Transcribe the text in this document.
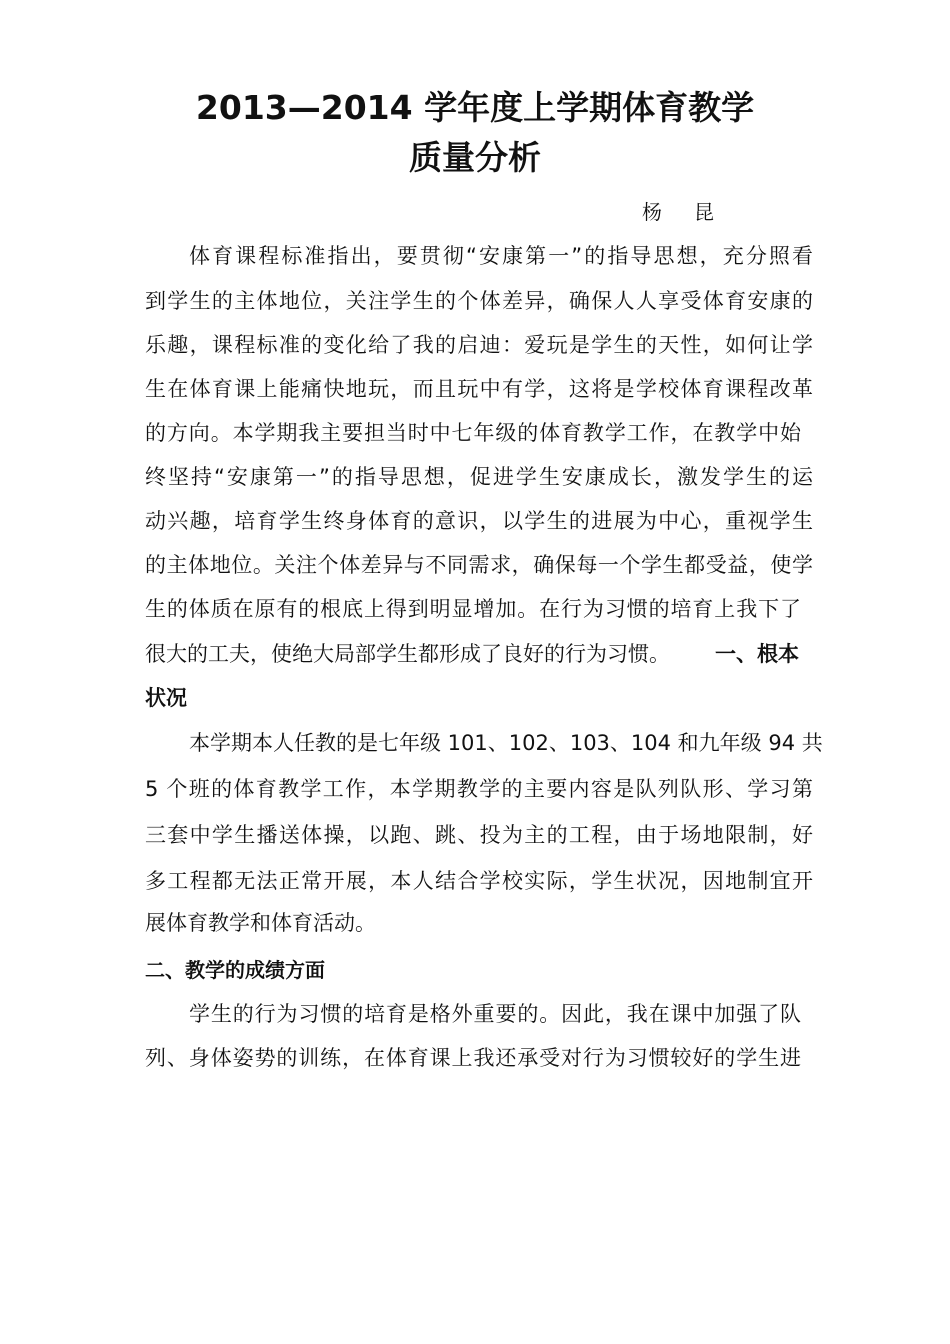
2013—2014 学年度上学期体育教学
质量分析
杨昆
体育课程标准指出，要贯彻“安康第一”的指导思想，充分照看
到学生的主体地位，关注学生的个体差异，确保人人享受体育安康的
乐趣，课程标准的变化给了我的启迪：爱玩是学生的天性，如何让学
生在体育课上能痛快地玩，而且玩中有学，这将是学校体育课程改革
的方向。本学期我主要担当时中七年级的体育教学工作，在教学中始
终坚持“安康第一”的指导思想，促进学生安康成长，激发学生的运
动兴趣，培育学生终身体育的意识，以学生的进展为中心，重视学生
的主体地位。关注个体差异与不同需求，确保每一个学生都受益，使学
生的体质在原有的根底上得到明显增加。在行为习惯的培育上我下了
很大的工夫，使绝大局部学生都形成了良好的行为习惯。 一、根本
状况
本学期本人任教的是七年级 101、102、103、104 和九年级 94 共
5 个班的体育教学工作，本学期教学的主要内容是队列队形、学习第
三套中学生播送体操，以跑、跳、投为主的工程，由于场地限制，好
多工程都无法正常开展，本人结合学校实际，学生状况，因地制宜开
展体育教学和体育活动。
二、教学的成绩方面
学生的行为习惯的培育是格外重要的。因此，我在课中加强了队
列、身体姿势的训练，在体育课上我还承受对行为习惯较好的学生进
